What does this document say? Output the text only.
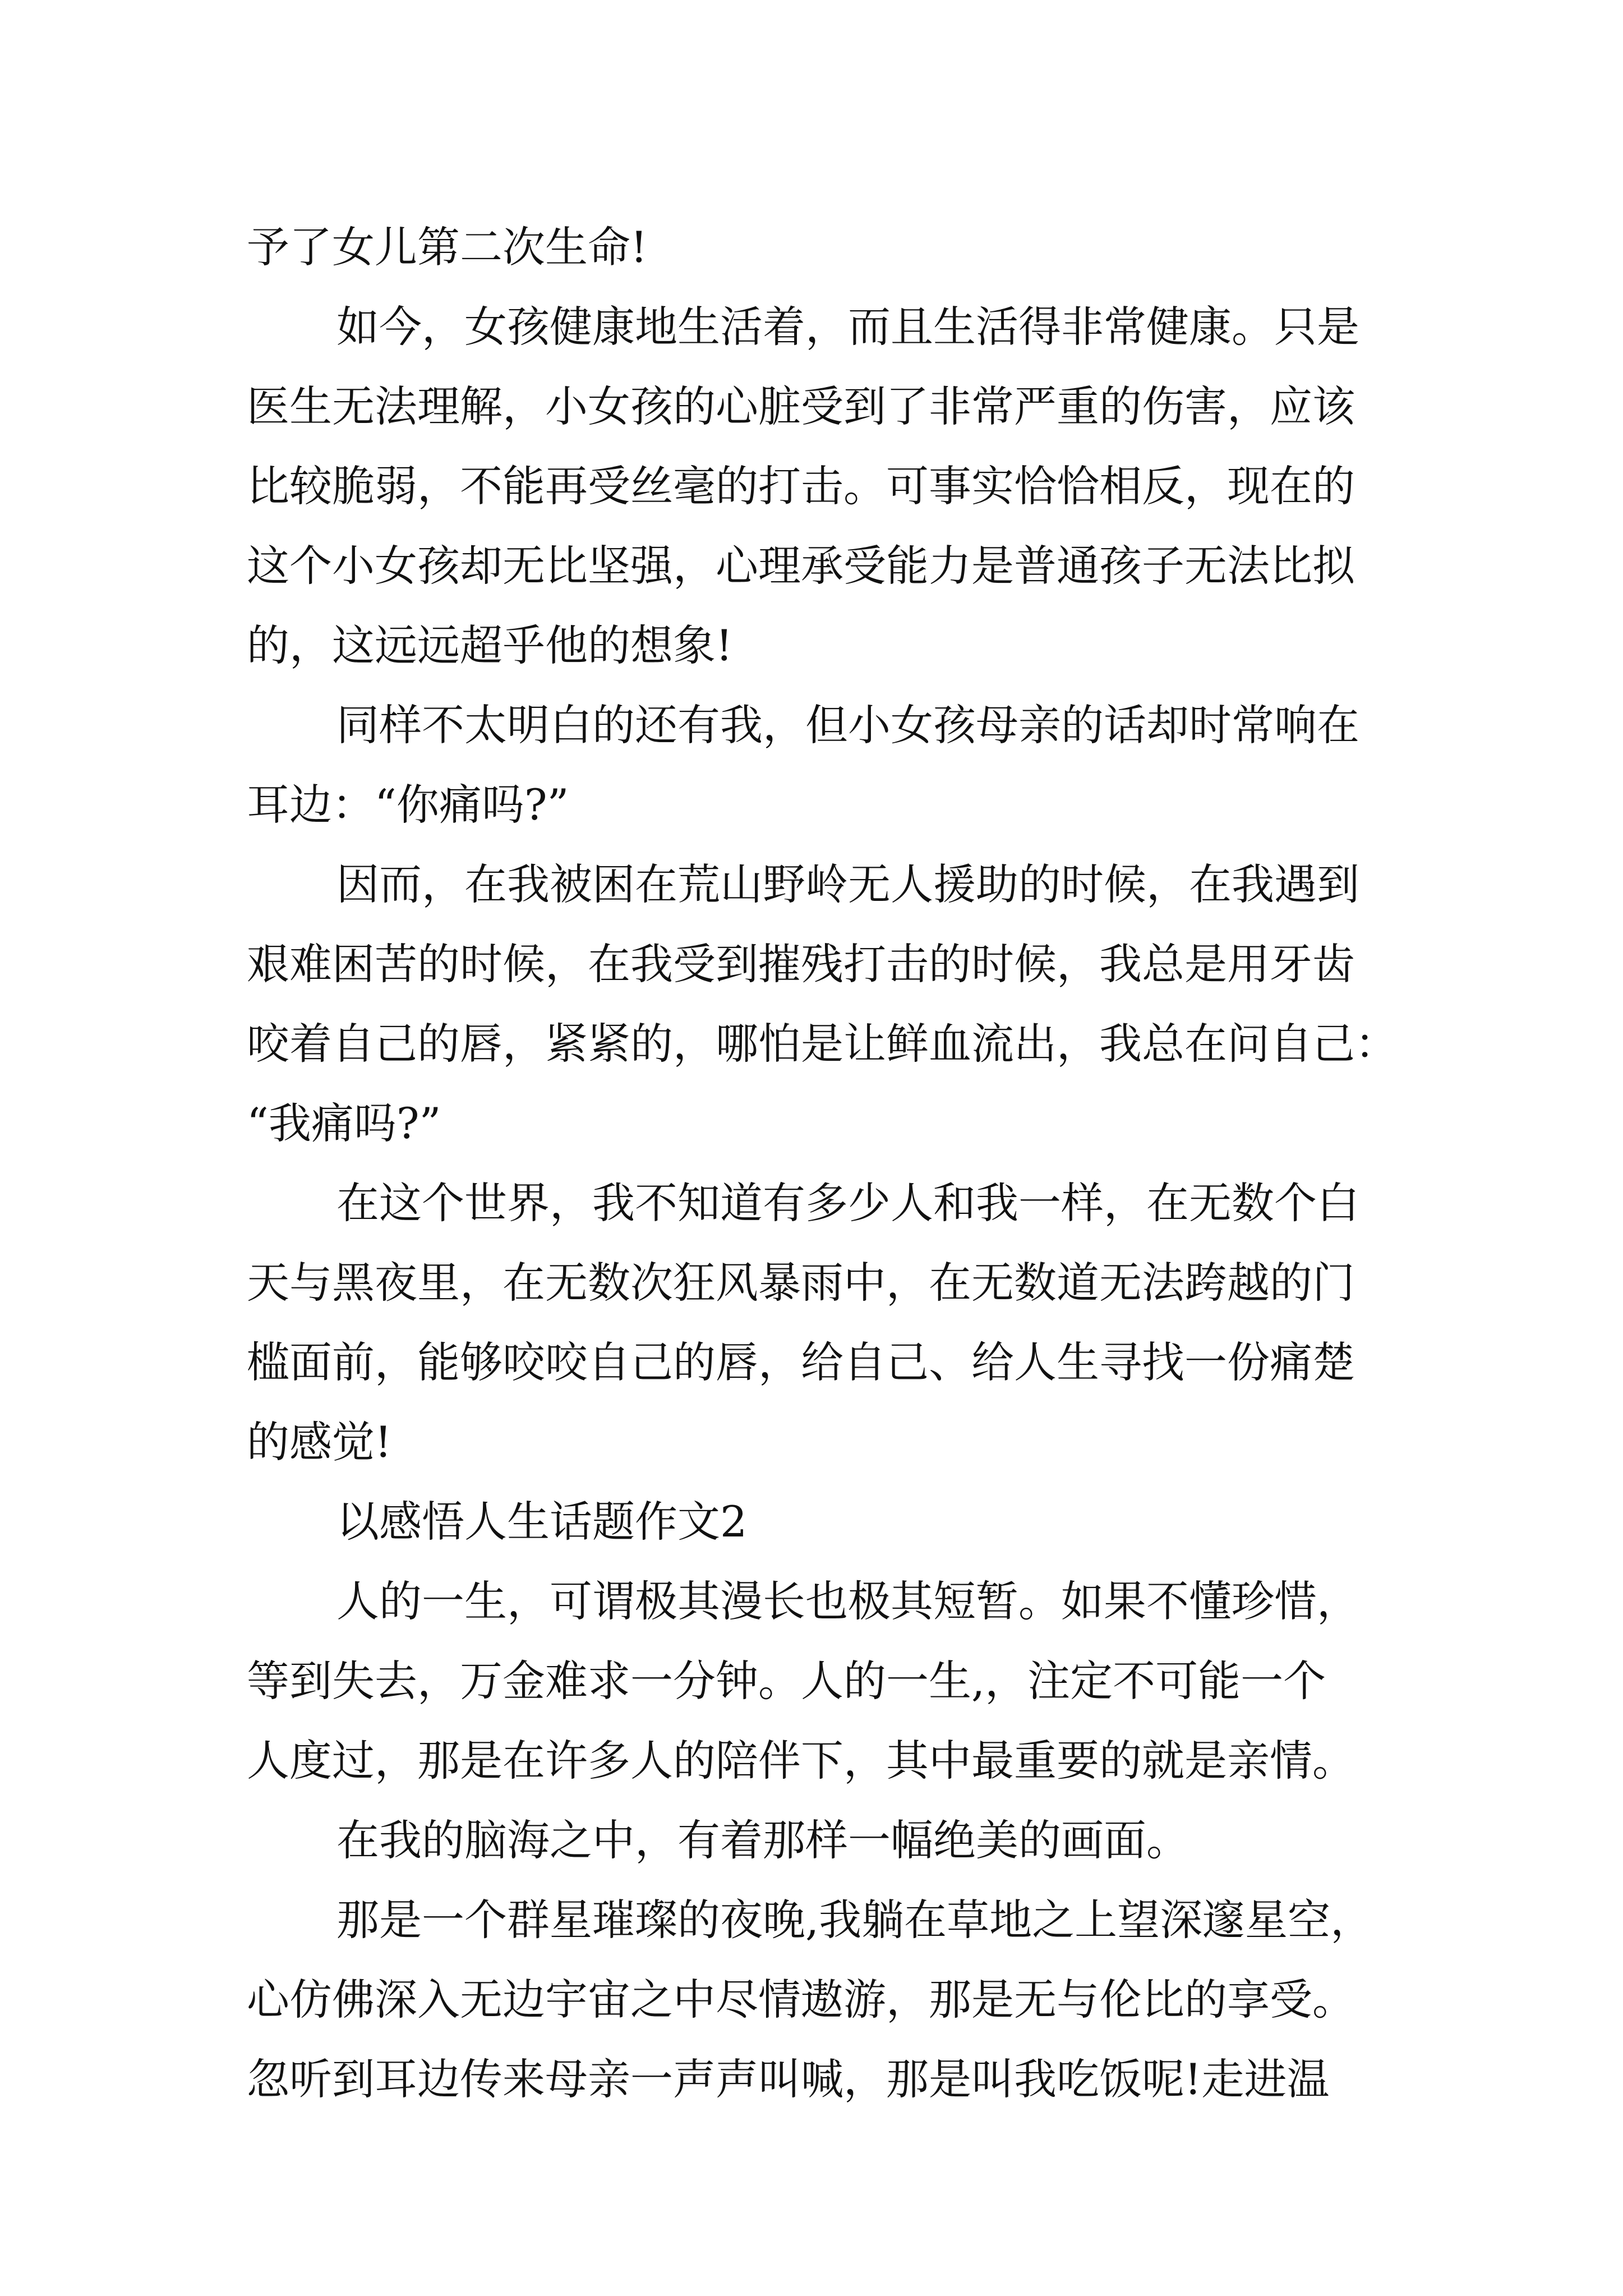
予了女儿第二次生命!
如今，女孩健康地生活着，而且生活得非常健康。只是
医生无法理解，小女孩的心脏受到了非常严重的伤害，应该
比较脆弱，不能再受丝毫的打击。可事实恰恰相反，现在的
这个小女孩却无比坚强，心理承受能力是普通孩子无法比拟
的，这远远超乎他的想象!
同样不太明白的还有我，但小女孩母亲的话却时常响在
耳边：“你痛吗?”
因而，在我被困在荒山野岭无人援助的时候，在我遇到
艰难困苦的时候，在我受到摧残打击的时候，我总是用牙齿
咬着自己的唇，紧紧的，哪怕是让鲜血流出，我总在问自己：
“我痛吗?”
在这个世界，我不知道有多少人和我一样，在无数个白
天与黑夜里，在无数次狂风暴雨中，在无数道无法跨越的门
槛面前，能够咬咬自己的唇，给自己、给人生寻找一份痛楚
的感觉!
以感悟人生话题作文2
人的一生，可谓极其漫长也极其短暂。如果不懂珍惜，
等到失去，万金难求一分钟。人的一生,，注定不可能一个
人度过，那是在许多人的陪伴下，其中最重要的就是亲情。
在我的脑海之中，有着那样一幅绝美的画面。
那是一个群星璀璨的夜晚,我躺在草地之上望深邃星空，
心仿佛深入无边宇宙之中尽情遨游，那是无与伦比的享受。
忽听到耳边传来母亲一声声叫喊，那是叫我吃饭呢!走进温
